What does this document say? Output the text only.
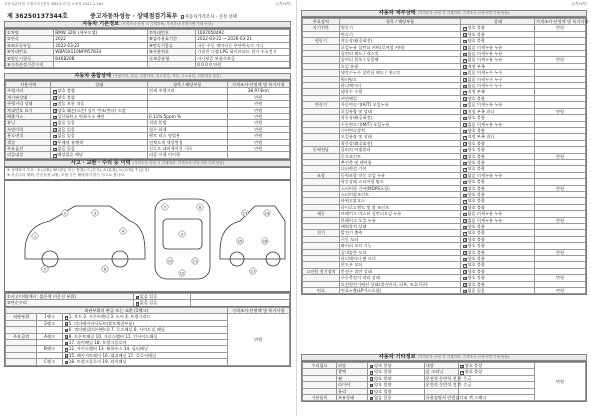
자동차관리법 시행규칙 [별지 제82호서식] <개정 2021.1.18>	(1쪽/4쪽)
제 36250137344호	중고자동차성능 · 상태점검기록부 자동차가격조사 · 산정 선택
자동차 기본정보 (가격조사·산정 시 기재하며, 가격조사·산정시엔 기재 안함)
①차명	BMW 320i (세부모델)	⑦차대번호	1607050492
②연식	2022	⑧검사유효기간	2022-03-22 ~ 2026-03-21
③최초등록일	2022-03-22	⑨변속기종류	자동 수동 세미자동 무단변속기 기타
④차대번호	WBA5X110NFM57834	⑩사용연료	가솔린 디젤 LPG 하이브리드 전기 수소전기
⑤원동기형식	B46B20B	⑪보증유형	자가보증 보험사보증
⑥가격산정기준가격			0 0 0 0 만원
자동차 종합상태 (사용이력, 튜닝, 특별이력, 용도변경, 색상, 주요옵션, 리콜대상 점검)
사용이력	상태	항목 / 해당부품	가격조사·산정액 및 특기사항
주행거리	✔양호 불량	현재 주행거리	38,974km
계기판상태	✔양호 불량		만원
주행거리 상태	✔많음 보통 적음		만원
차대번호 표기	✔양호 훼손(오손) 상이 변조(변타) 도말		만원
배출가스	✔일산화탄소 탄화수소 매연	0.11% 5ppm %	만원
튜닝	✔없음 있음	적법 불법	만원
특별이력	✔없음 있음	침수 화재	만원
용도변경	✔없음 있음	렌트 리스 영업용	만원
색상	✔무채색 유채색	전체도색 색상변경	만원
주요옵션	✔없음 있음	선루프 네비게이션 기타	만원
리콜대상	✔해당없음 해당	리콜 이행 미이행	
사고 · 교환 · 수리 등 이력 (가격조사·산정 시 기재하며, 가격조사·산정시엔 기재 안함)
※ 상태표시 부호 : X (교환), W (판금 또는 용접), C (부식), A (흠집), U (요철), T (손상)
※ 단순수리 제외, 단순부품 교환, 조립 등은 해당하지 않는 사고로 봅니다.
1
2	3
4
5	6
7	8
9
10	11
12
13	14
15	16
17
①사고이력(예시: 붉은색 이중선 부위)	✔없음 있음	
②단순수리	✔없음 있음	
외판부위의 판금 또는 교환 (1랭크)			가격조사·산정액 및 특기사항
외판부위	1랭크	✔1. 후드 2. 프론트펜더 3. 도어 4. 트렁크리드	만원
	2랭크	✔5. 라디에이터서포트(볼트체결부품)
		✔6. 쿼터패널(리어펜더) 7. 루프패널 8. 사이드실 패널
주요골격	A랭크	✔9. 프론트패널 10. 크로스멤버 11. 인사이드패널
		✔17. 리어패널 18. 트렁크플로어
	B랭크	✔12. 사이드멤버 13. 휠하우스 14. 필러패널
		✔15. 패키지트레이 16. 대쉬패널 17. 플로어패널
	C랭크	✔18. 트렁크플로어 19. 리어패널
(2쪽/4쪽)
자동차 세부상태 (가격조사·산정 시 기재하며, 가격조사·산정시엔 기재 안함)
주요장치	항목 / 해당부품	상태	가격조사·산정액 및 특기사항
자기진단	원동기	✔양호 불량	만원
	변속기	✔양호 불량	
원동기	작동상태(공회전)	✔양호 불량	
	오일누유 실린더 커버(로커암 커버)	✔없음 미세누유 누유	
	실린더 헤드 / 개스킷	✔없음 미세누유 누유	
	실린더 블록 / 오일팬	✔없음 미세누유 누유	만원
	오일 유량	✔적정 부족	
	냉각수누수 실린더 헤드 / 개스킷	✔없음 미세누수 누수	
	워터펌프	✔없음 미세누수 누수	
	라디에이터	✔없음 미세누수 누수	
	냉각수 수량	✔적정 부족	
	커먼레일	✔양호 불량	
변속기	자동변속기(A/T) 오일누유	✔없음 미세누유 누유	
	오일유량 및 상태	✔적정 부족 과다	만원
	작동상태(공회전)	✔양호 불량	
	수동변속기(M/T) 오일누유	✔없음 미세누유 누유	
	기어변속장치	✔양호 불량	
	오일유량 및 상태	✔적정 부족 과다	
	작동상태(공회전)	✔양호 불량	
동력전달	클러치 어셈블리	✔양호 불량	
	등속조인트	✔양호 불량	만원
	추진축 및 베어링	✔양호 불량	
	디퍼렌셜 기어	✔양호 불량	
조향	동력조향 작동 오일 누유	✔없음 미세누유 누유	
	작동상태 스티어링 펌프	✔양호 불량	
	스티어링 기어(MDPS포함)	✔양호 불량	만원
	스티어링조인트	✔양호 불량	
	파워고압호스	✔양호 불량	
	타이로드엔드 및 볼 조인트	✔양호 불량	
제동	브레이크 마스터 실린더오일 누유	✔없음 미세누유 누유	
	브레이크 오일 누유	✔없음 미세누유 누유	만원
	배력장치 상태	✔양호 불량	
전기	발전기 출력	✔양호 불량	
	시동 모터	✔양호 불량	
	와이퍼 모터 기능	✔양호 불량	
	실내송풍 모터	✔양호 불량	만원
	라디에이터 팬 모터	✔양호 불량	
	윈도우 모터	✔양호 불량	
고전원 전기장치	충전구 절연 상태	✔양호 불량	
	구동축전지 격리 상태	✔양호 불량	만원
	고전원전기배선 상태(접속단자, 피복, 보호기구)	✔양호 불량	
연료	연료누출(LP가스포함)	✔없음 있음	만원
자동차 기타정보 (가격조사·산정 시 기재하며, 가격조사·산정시엔 기재 안함)
수리필요	외장	✔양호 불량	내장	✔양호 불량	만원
	광택	✔양호 불량	룸 크리닝	✔양호 불량
	휠	✔양호 불량	운전석 동반석 전 후 응급		
	타이어	✔양호 불량	운전석 동반석 전 후 응급		
	유리	✔양호 불량		
기본품목	보유상태	✔없음 있음	사용설명서 안전삼각대 잭 스패너		
